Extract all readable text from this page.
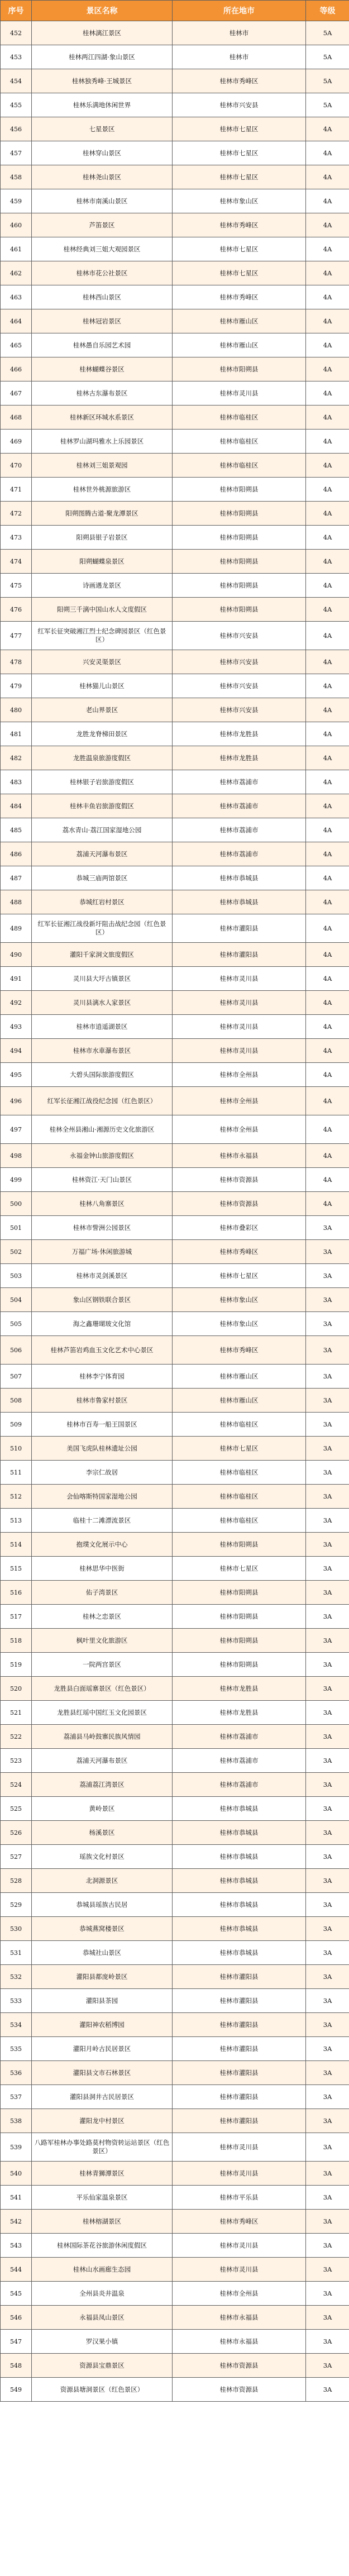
序号	景区名称	所在地市	等级
452	桂林漓江景区	桂林市	5A
453	桂林两江四湖·象山景区	桂林市	5A
454	桂林独秀峰·王城景区	桂林市秀峰区	5A
455	桂林乐满地休闲世界	桂林市兴安县	5A
456	七星景区	桂林市七星区	4A
457	桂林穿山景区	桂林市七星区	4A
458	桂林尧山景区	桂林市七星区	4A
459	桂林市南溪山景区	桂林市象山区	4A
460	芦笛景区	桂林市秀峰区	4A
461	桂林经典刘三姐大观园景区	桂林市七星区	4A
462	桂林市花公社景区	桂林市七星区	4A
463	桂林西山景区	桂林市秀峰区	4A
464	桂林冠岩景区	桂林市雁山区	4A
465	桂林愚自乐园艺术园	桂林市雁山区	4A
466	桂林蝴蝶谷景区	桂林市阳朔县	4A
467	桂林古东瀑布景区	桂林市灵川县	4A
468	桂林新区环城水系景区	桂林市临桂区	4A
469	桂林罗山湖玛雅水上乐园景区	桂林市临桂区	4A
470	桂林刘三姐景观园	桂林市临桂区	4A
471	桂林世外桃源旅游区	桂林市阳朔县	4A
472	阳朔图腾古道·聚龙潭景区	桂林市阳朔县	4A
473	阳朔县银子岩景区	桂林市阳朔县	4A
474	阳朔蝴蝶泉景区	桂林市阳朔县	4A
475	诗画遇龙景区	桂林市阳朔县	4A
476	阳朔三千漓中国山水人文度假区	桂林市阳朔县	4A
477	红军长征突破湘江烈士纪念碑园景区（红色景区）	桂林市兴安县	4A
478	兴安灵渠景区	桂林市兴安县	4A
479	桂林猫儿山景区	桂林市兴安县	4A
480	老山界景区	桂林市兴安县	4A
481	龙胜龙脊梯田景区	桂林市龙胜县	4A
482	龙胜温泉旅游度假区	桂林市龙胜县	4A
483	桂林银子岩旅游度假区	桂林市荔浦市	4A
484	桂林丰鱼岩旅游度假区	桂林市荔浦市	4A
485	荔水青山·荔江国家湿地公园	桂林市荔浦市	4A
486	荔浦天河瀑布景区	桂林市荔浦市	4A
487	恭城三庙两馆景区	桂林市恭城县	4A
488	恭城红岩村景区	桂林市恭城县	4A
489	红军长征湘江战役新圩阻击战纪念园（红色景区）	桂林市灌阳县	4A
490	灌阳千家洞文旅度假区	桂林市灌阳县	4A
491	灵川县大圩古镇景区	桂林市灵川县	4A
492	灵川县漓水人家景区	桂林市灵川县	4A
493	桂林市逍遥湖景区	桂林市灵川县	4A
494	桂林市水車瀑布景区	桂林市灵川县	4A
495	大碧头国际旅游度假区	桂林市全州县	4A
496	红军长征湘江战役纪念园（红色景区）	桂林市全州县	4A
497	桂林全州县湘山·湘源历史文化旅游区	桂林市全州县	4A
498	永福金钟山旅游度假区	桂林市永福县	4A
499	桂林资江·天门山景区	桂林市资源县	4A
500	桂林八角寨景区	桂林市资源县	4A
501	桂林市訾洲公园景区	桂林市叠彩区	3A
502	万福广场·休闲旅游城	桂林市秀峰区	3A
503	桂林市灵剑溪景区	桂林市七星区	3A
504	象山区钢铁联合景区	桂林市象山区	3A
505	海之鑫珊瑚玻文化馆	桂林市象山区	3A
506	桂林芦笛岩鸡血玉文化艺术中心景区	桂林市秀峰区	3A
507	桂林李宁体育园	桂林市雁山区	3A
508	桂林市鲁家村景区	桂林市雁山区	3A
509	桂林市百寿一船王国景区	桂林市临桂区	3A
510	美国飞虎队桂林遗址公园	桂林市七星区	3A
511	李宗仁故居	桂林市临桂区	3A
512	会仙喀斯特国家湿地公园	桂林市临桂区	3A
513	临桂十二滩漂流景区	桂林市临桂区	3A
514	抱璞文化展示中心	桂林市阳朔县	3A
515	桂林思华中医街	桂林市七星区	3A
516	佑子湾景区	桂林市阳朔县	3A
517	桂林之恋景区	桂林市阳朔县	3A
518	枫叶里文化旅游区	桂林市阳朔县	3A
519	一院两宫景区	桂林市阳朔县	3A
520	龙胜县白面瑶寨景区（红色景区）	桂林市龙胜县	3A
521	龙胜县红瑶中国红玉文化园景区	桂林市龙胜县	3A
522	荔浦县马岭鼓寨民族风情园	桂林市荔浦市	3A
523	荔浦天河瀑布景区	桂林市荔浦市	3A
524	荔浦荔江湾景区	桂林市荔浦市	3A
525	黄岭景区	桂林市恭城县	3A
526	杨溪景区	桂林市恭城县	3A
527	瑶族文化村景区	桂林市恭城县	3A
528	北洞源景区	桂林市恭城县	3A
529	恭城县瑶族古民居	桂林市恭城县	3A
530	恭城燕窝楼景区	桂林市恭城县	3A
531	恭城社山景区	桂林市恭城县	3A
532	灌阳县都庞岭景区	桂林市灌阳县	3A
533	灌阳县茶园	桂林市灌阳县	3A
534	灌阳神农稻博园	桂林市灌阳县	3A
535	灌阳月岭古民居景区	桂林市灌阳县	3A
536	灌阳县文市石林景区	桂林市灌阳县	3A
537	灌阳县洞井古民居景区	桂林市灌阳县	3A
538	灌阳龙中村景区	桂林市灌阳县	3A
539	八路军桂林办事处路莫村物资转运站景区（红色景区）	桂林市灵川县	3A
540	桂林青狮潭景区	桂林市灵川县	3A
541	平乐仙家温泉景区	桂林市平乐县	3A
542	桂林榕湖景区	桂林市秀峰区	3A
543	桂林国际茶花谷旅游休闲度假区	桂林市灵川县	3A
544	桂林山水画廊生态园	桂林市灵川县	3A
545	全州县炎井温泉	桂林市全州县	3A
546	永福县凤山景区	桂林市永福县	3A
547	罗汉果小镇	桂林市永福县	3A
548	资源县宝鼎景区	桂林市资源县	3A
549	资源县塘洞景区（红色景区）	桂林市资源县	3A
